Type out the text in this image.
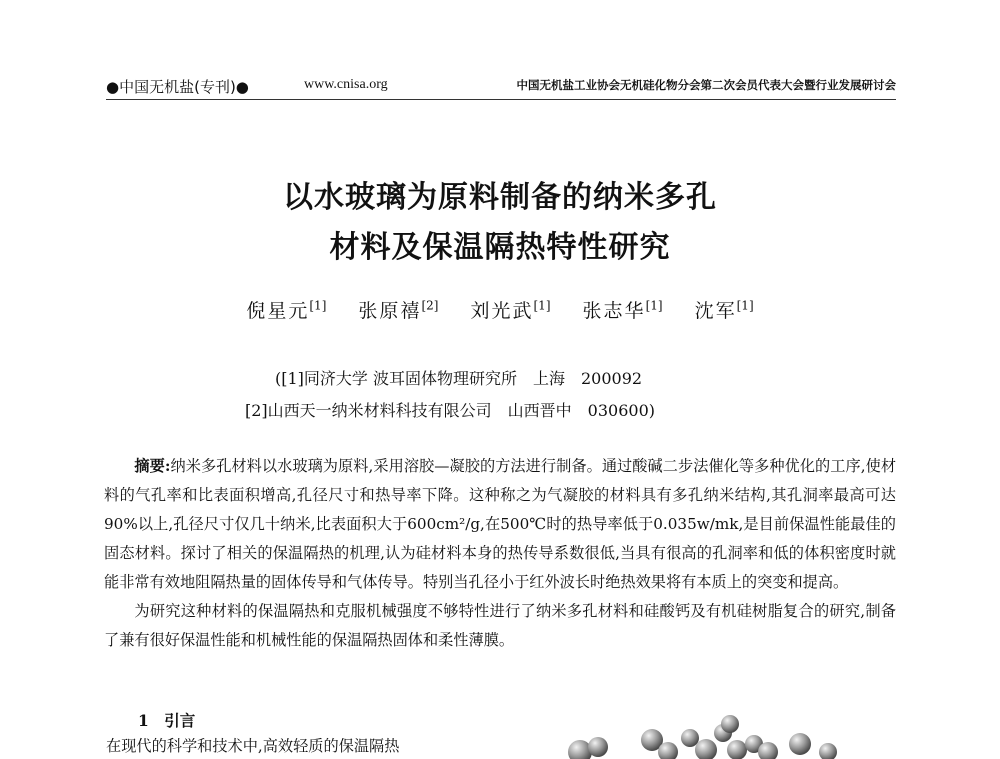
●中国无机盐(专刊)●	www.cnisa.org	中国无机盐工业协会无机硅化物分会第二次会员代表大会暨行业发展研讨会
以水玻璃为原料制备的纳米多孔
材料及保温隔热特性研究
倪星元[1] 张原禧[2] 刘光武[1] 张志华[1] 沈军[1]
([1]同济大学 波耳固体物理研究所　上海　200092
[2]山西天一纳米材料科技有限公司　山西晋中　030600)

摘要:纳米多孔材料以水玻璃为原料,采用溶胶—凝胶的方法进行制备。通过酸碱二步法催化等多种优化的工序,使材料的气孔率和比表面积增高,孔径尺寸和热导率下降。这种称之为气凝胶的材料具有多孔纳米结构,其孔洞率最高可达90%以上,孔径尺寸仅几十纳米,比表面积大于600cm²/g,在500℃时的热导率低于0.035w/mk,是目前保温性能最佳的固态材料。探讨了相关的保温隔热的机理,认为硅材料本身的热传导系数很低,当具有很高的孔洞率和低的体积密度时就能非常有效地阻隔热量的固体传导和气体传导。特别当孔径小于红外波长时绝热效果将有本质上的突变和提高。

为研究这种材料的保温隔热和克服机械强度不够特性进行了纳米多孔材料和硅酸钙及有机硅树脂复合的研究,制备了兼有很好保温性能和机械性能的保温隔热固体和柔性薄膜。

1　引言
在现代的科学和技术中,高效轻质的保温隔热
